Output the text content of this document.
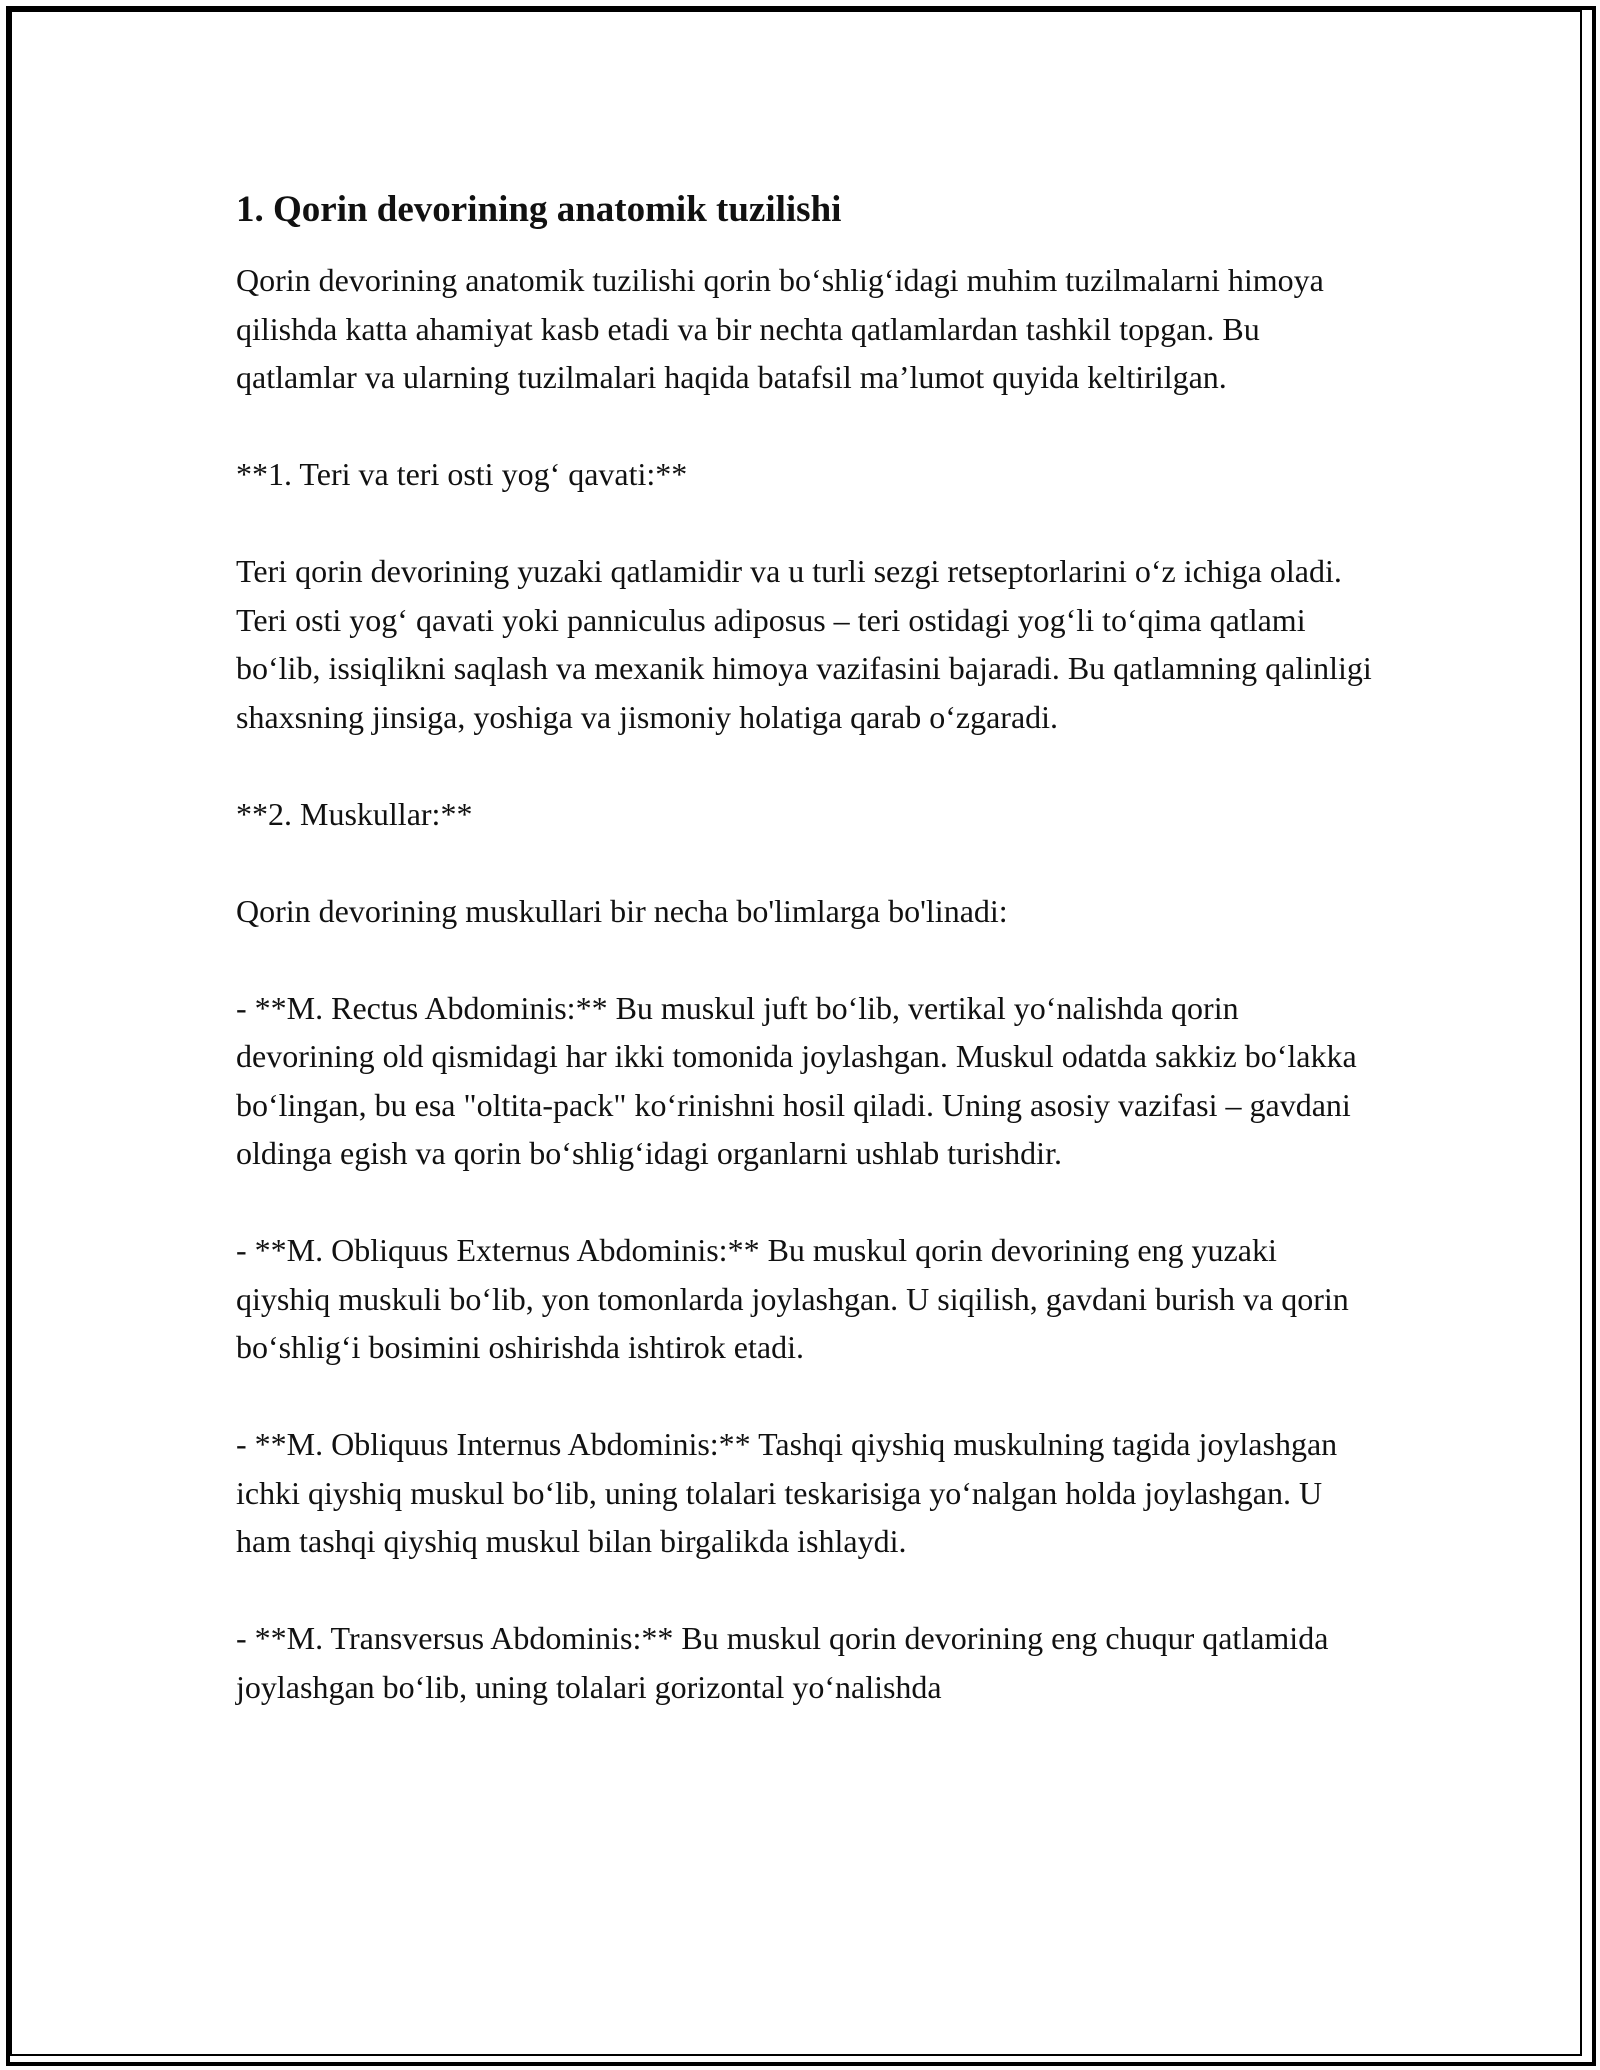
1. Qorin devorining anatomik tuzilishi

Qorin devorining anatomik tuzilishi qorin bo‘shlig‘idagi muhim tuzilmalarni himoya qilishda katta ahamiyat kasb etadi va bir nechta qatlamlardan tashkil topgan. Bu qatlamlar va ularning tuzilmalari haqida batafsil ma’lumot quyida keltirilgan.

**1. Teri va teri osti yog‘ qavati:**

Teri qorin devorining yuzaki qatlamidir va u turli sezgi retseptorlarini o‘z ichiga oladi. Teri osti yog‘ qavati yoki panniculus adiposus – teri ostidagi yog‘li to‘qima qatlami bo‘lib, issiqlikni saqlash va mexanik himoya vazifasini bajaradi. Bu qatlamning qalinligi shaxsning jinsiga, yoshiga va jismoniy holatiga qarab o‘zgaradi.

**2. Muskullar:**

Qorin devorining muskullari bir necha bo'limlarga bo'linadi:

- **M. Rectus Abdominis:** Bu muskul juft bo‘lib, vertikal yo‘nalishda qorin devorining old qismidagi har ikki tomonida joylashgan. Muskul odatda sakkiz bo‘lakka bo‘lingan, bu esa "oltita-pack" ko‘rinishni hosil qiladi. Uning asosiy vazifasi – gavdani oldinga egish va qorin bo‘shlig‘idagi organlarni ushlab turishdir.

- **M. Obliquus Externus Abdominis:** Bu muskul qorin devorining eng yuzaki qiyshiq muskuli bo‘lib, yon tomonlarda joylashgan. U siqilish, gavdani burish va qorin bo‘shlig‘i bosimini oshirishda ishtirok etadi.

- **M. Obliquus Internus Abdominis:** Tashqi qiyshiq muskulning tagida joylashgan ichki qiyshiq muskul bo‘lib, uning tolalari teskarisiga yo‘nalgan holda joylashgan. U ham tashqi qiyshiq muskul bilan birgalikda ishlaydi.

- **M. Transversus Abdominis:** Bu muskul qorin devorining eng chuqur qatlamida joylashgan bo‘lib, uning tolalari gorizontal yo‘nalishda
